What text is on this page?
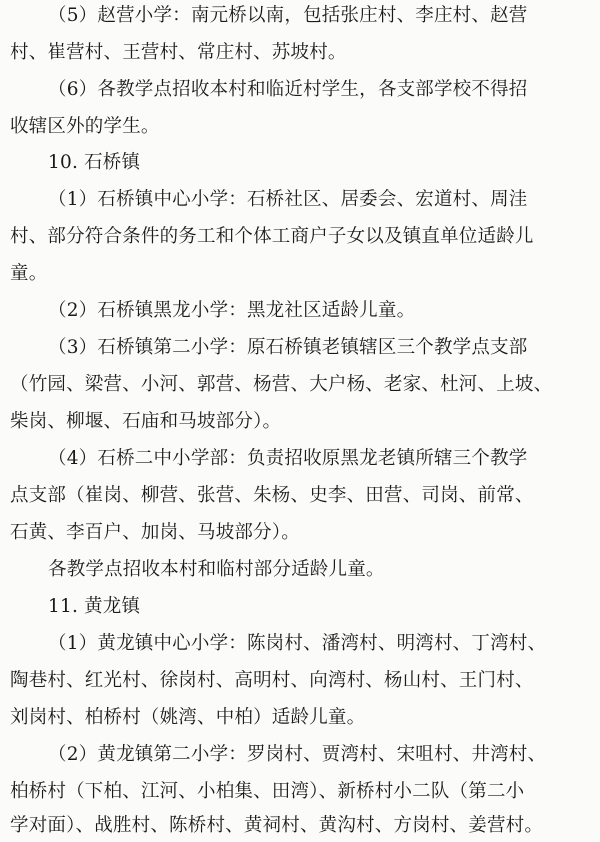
（5）赵营小学：南元桥以南，包括张庄村、李庄村、赵营
村、崔营村、王营村、常庄村、苏坡村。
（6）各教学点招收本村和临近村学生，各支部学校不得招
收辖区外的学生。
10. 石桥镇
（1）石桥镇中心小学：石桥社区、居委会、宏道村、周洼
村、部分符合条件的务工和个体工商户子女以及镇直单位适龄儿
童。
（2）石桥镇黑龙小学：黑龙社区适龄儿童。
（3）石桥镇第二小学：原石桥镇老镇辖区三个教学点支部
（竹园、梁营、小河、郭营、杨营、大户杨、老家、杜河、上坡、
柴岗、柳堰、石庙和马坡部分）。
（4）石桥二中小学部：负责招收原黑龙老镇所辖三个教学
点支部（崔岗、柳营、张营、朱杨、史李、田营、司岗、前常、
石黄、李百户、加岗、马坡部分）。
各教学点招收本村和临村部分适龄儿童。
11. 黄龙镇
（1）黄龙镇中心小学：陈岗村、潘湾村、明湾村、丁湾村、
陶巷村、红光村、徐岗村、高明村、向湾村、杨山村、王门村、
刘岗村、柏桥村（姚湾、中柏）适龄儿童。
（2）黄龙镇第二小学：罗岗村、贾湾村、宋咀村、井湾村、
柏桥村（下柏、江河、小柏集、田湾）、新桥村小二队（第二小
学对面）、战胜村、陈桥村、黄祠村、黄沟村、方岗村、姜营村。
